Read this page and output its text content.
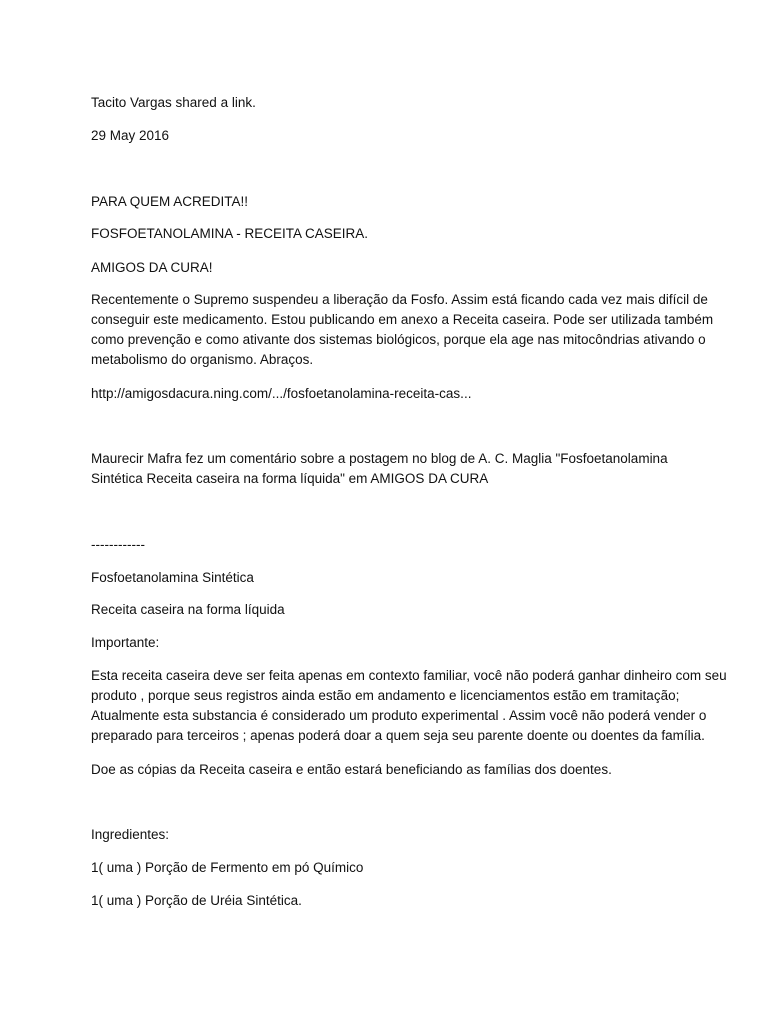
Tacito Vargas shared a link.

29 May 2016

PARA QUEM ACREDITA!!

FOSFOETANOLAMINA - RECEITA CASEIRA.

AMIGOS DA CURA!

Recentemente o Supremo suspendeu a liberação da Fosfo. Assim está ficando cada vez mais difícil de
conseguir este medicamento. Estou publicando em anexo a Receita caseira. Pode ser utilizada também
como prevenção e como ativante dos sistemas biológicos, porque ela age nas mitocôndrias ativando o
metabolismo do organismo. Abraços.

http://amigosdacura.ning.com/.../fosfoetanolamina-receita-cas...

Maurecir Mafra fez um comentário sobre a postagem no blog de A. C. Maglia "Fosfoetanolamina
Sintética Receita caseira na forma líquida" em AMIGOS DA CURA

------------

Fosfoetanolamina Sintética

Receita caseira na forma líquida

Importante:

Esta receita caseira deve ser feita apenas em contexto familiar, você não poderá ganhar dinheiro com seu
produto , porque seus registros ainda estão em andamento e licenciamentos estão em tramitação;
Atualmente esta substancia é considerado um produto experimental . Assim você não poderá vender o
preparado para terceiros ; apenas poderá doar a quem seja seu parente doente ou doentes da família.

Doe as cópias da Receita caseira e então estará beneficiando as famílias dos doentes.

Ingredientes:

1( uma ) Porção de Fermento em pó Químico

1( uma ) Porção de Uréia Sintética.
